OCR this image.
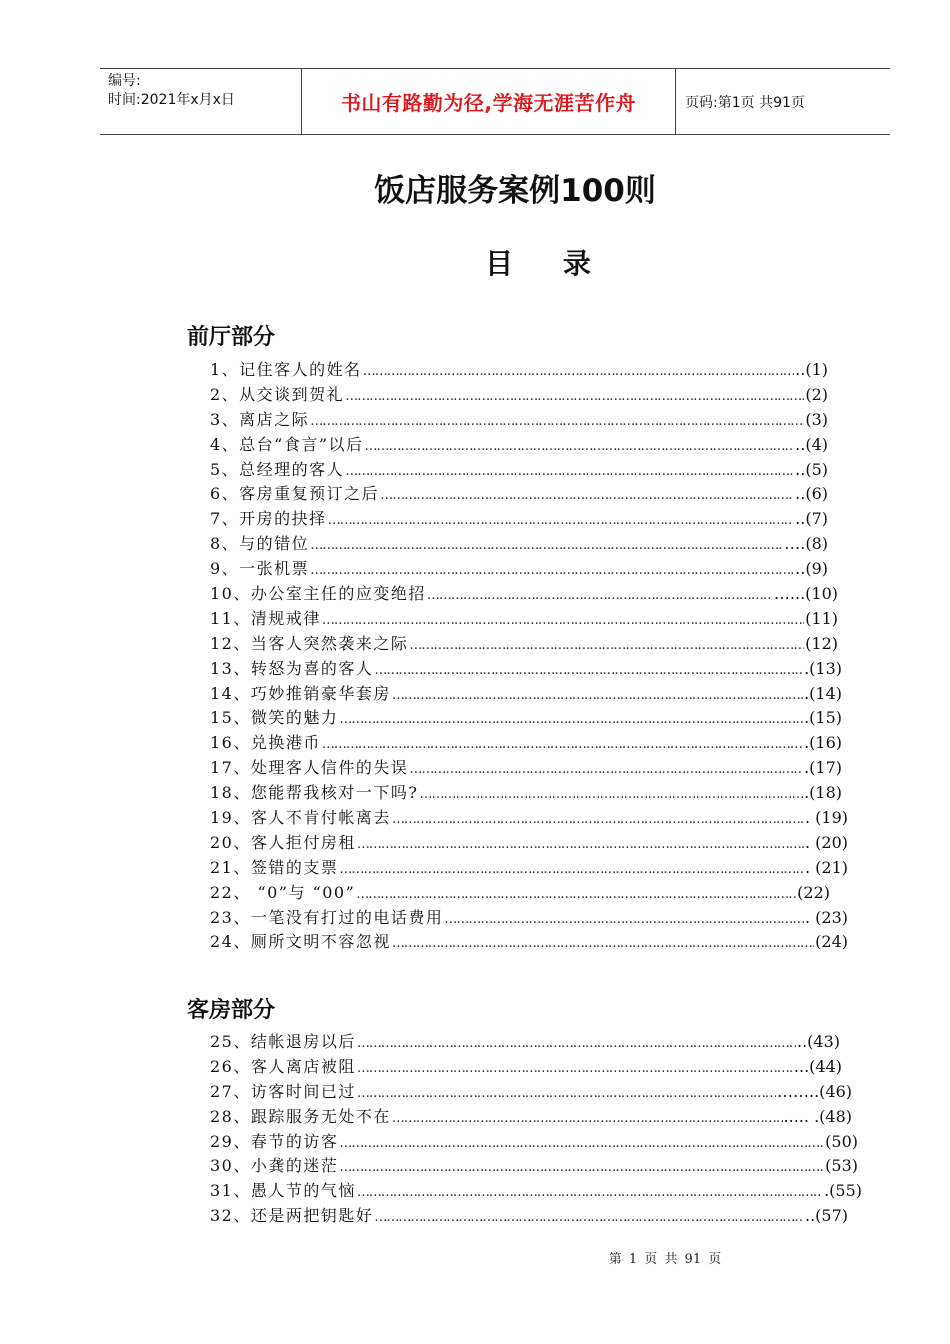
编号:
时间:2021年x月x日	书山有路勤为径,学海无涯苦作舟	页码:第1页 共91页
饭店服务案例100则
目 录
前厅部分
1、记住客人的姓名 ………………………………………………………………………………………………………………………………………………	..(1)
2、从交谈到贺礼 ………………………………………………………………………………………………………………………………………………	(2)
3、离店之际 ………………………………………………………………………………………………………………………………………………	(3)
4、总台“食言”以后 ………………………………………………………………………………………………………………………………………………	..(4)
5、总经理的客人 ………………………………………………………………………………………………………………………………………………	..(5)
6、客房重复预订之后 ………………………………………………………………………………………………………………………………………………	..(6)
7、开房的抉择 ………………………………………………………………………………………………………………………………………………	..(7)
8、与的错位 ………………………………………………………………………………………………………………………………………………	….(8)
9、一张机票 ………………………………………………………………………………………………………………………………………………	..(9)
10、办公室主任的应变绝招 ………………………………………………………………………………………………………………………………………………	…...(10)
11、清规戒律 ………………………………………………………………………………………………………………………………………………	(11)
12、当客人突然袭来之际 ………………………………………………………………………………………………………………………………………………	(12)
13、转怒为喜的客人 ………………………………………………………………………………………………………………………………………………	.(13)
14、巧妙推销豪华套房 ………………………………………………………………………………………………………………………………………………	.(14)
15、微笑的魅力 ………………………………………………………………………………………………………………………………………………	.(15)
16、兑换港币 ………………………………………………………………………………………………………………………………………………	.(16)
17、处理客人信件的失误 ………………………………………………………………………………………………………………………………………………	.(17)
18、您能帮我核对一下吗? ………………………………………………………………………………………………………………………………………………	.(18)
19、客人不肯付帐离去 ………………………………………………………………………………………………………………………………………………	. (19)
20、客人拒付房租 ………………………………………………………………………………………………………………………………………………	. (20)
21、签错的支票 ………………………………………………………………………………………………………………………………………………	. (21)
22、 “0”与 “00” ………………………………………………………………………………………………………………………………………………	(22)
23、一笔没有打过的电话费用 ………………………………………………………………………………………………………………………………………………	. (23)
24、厕所文明不容忽视 ………………………………………………………………………………………………………………………………………………	(24)
客房部分
25、结帐退房以后 ………………………………………………………………………………………………………………………………………………	..(43)
26、客人离店被阻 ………………………………………………………………………………………………………………………………………………	...(44)
27、访客时间已过 ………………………………………………………………………………………………………………………………………………	……..(46)
28、跟踪服务无处不在 ………………………………………………………………………………………………………………………………………………	..... .(48)
29、春节的访客 ………………………………………………………………………………………………………………………………………………	(50)
30、小龚的迷茫 ………………………………………………………………………………………………………………………………………………	(53)
31、愚人节的气恼 ………………………………………………………………………………………………………………………………………………	.(55)
32、还是两把钥匙好 ………………………………………………………………………………………………………………………………………………	..(57)
第 1 页 共 91 页
